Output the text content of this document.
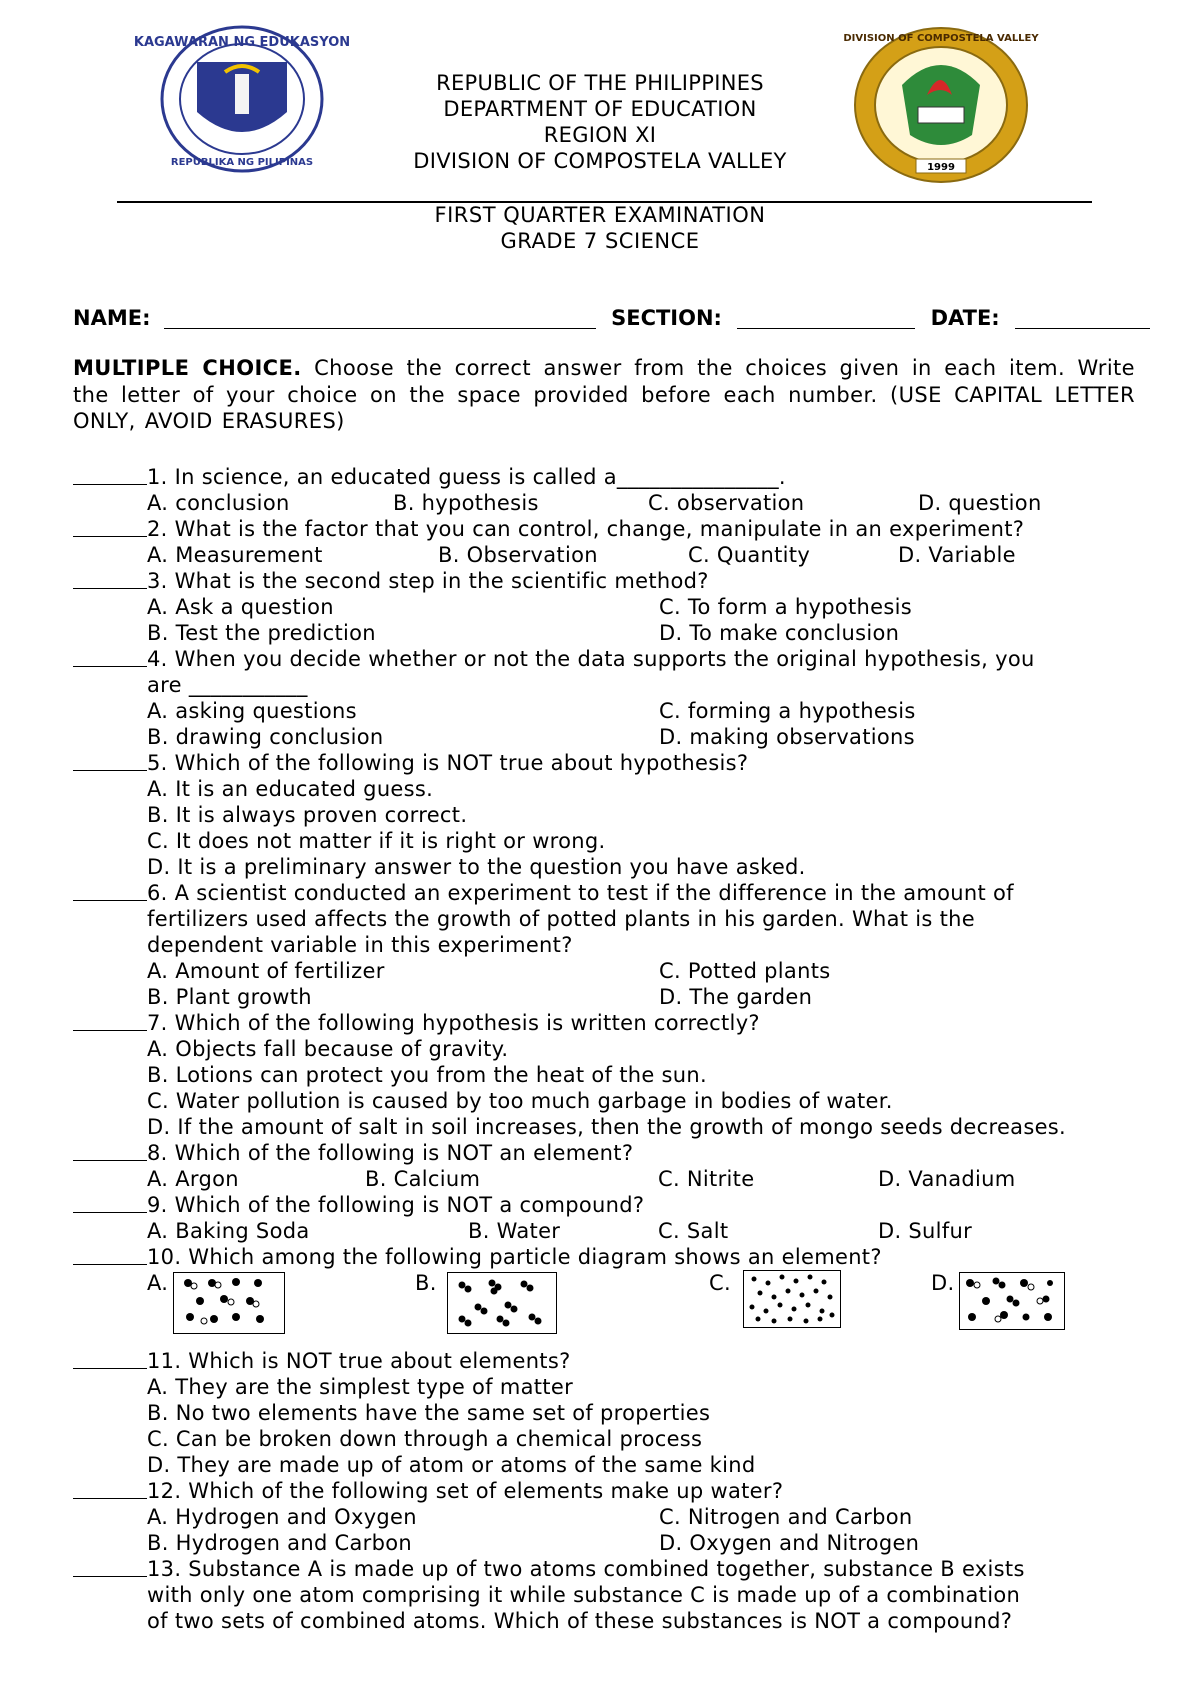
KAGAWARAN NG EDUKASYON
REPUBLIKA NG PILIPINAS
REPUBLIC OF THE PHILIPPINES
DEPARTMENT OF EDUCATION
REGION XI
DIVISION OF COMPOSTELA VALLEY	1999
DIVISION OF COMPOSTELA VALLEY
FIRST QUARTER EXAMINATION
GRADE 7 SCIENCE
NAME:	SECTION:	DATE:
MULTIPLE CHOICE. Choose the correct answer from the choices given in each item. Write the letter of your choice on the space provided before each number. (USE CAPITAL LETTER ONLY, AVOID ERASURES)
1. In science, an educated guess is called a_______________.
A. conclusion	B. hypothesis	C. observation	D. question
2. What is the factor that you can control, change, manipulate in an experiment?
A. Measurement	B. Observation	C. Quantity	D. Variable
3. What is the second step in the scientific method?
A. Ask a question	C. To form a hypothesis
B. Test the prediction	D. To make conclusion
4. When you decide whether or not the data supports the original hypothesis, you
are ___________
A. asking questions	C. forming a hypothesis
B. drawing conclusion	D. making observations
5. Which of the following is NOT true about hypothesis?
A. It is an educated guess.
B. It is always proven correct.
C. It does not matter if it is right or wrong.
D. It is a preliminary answer to the question you have asked.
6. A scientist conducted an experiment to test if the difference in the amount of
fertilizers used affects the growth of potted plants in his garden. What is the
dependent variable in this experiment?
A. Amount of fertilizer	C. Potted plants
B. Plant growth	D. The garden
7. Which of the following hypothesis is written correctly?
A. Objects fall because of gravity.
B. Lotions can protect you from the heat of the sun.
C. Water pollution is caused by too much garbage in bodies of water.
D. If the amount of salt in soil increases, then the growth of mongo seeds decreases.
8. Which of the following is NOT an element?
A. Argon	B. Calcium	C. Nitrite	D. Vanadium
9. Which of the following is NOT a compound?
A. Baking Soda	B. Water	C. Salt	D. Sulfur
10. Which among the following particle diagram shows an element?
A.	B.	C.	D.
11. Which is NOT true about elements?
A. They are the simplest type of matter
B. No two elements have the same set of properties
C. Can be broken down through a chemical process
D. They are made up of atom or atoms of the same kind
12. Which of the following set of elements make up water?
A. Hydrogen and Oxygen	C. Nitrogen and Carbon
B. Hydrogen and Carbon	D. Oxygen and Nitrogen
13. Substance A is made up of two atoms combined together, substance B exists
with only one atom comprising it while substance C is made up of a combination
of two sets of combined atoms. Which of these substances is NOT a compound?
